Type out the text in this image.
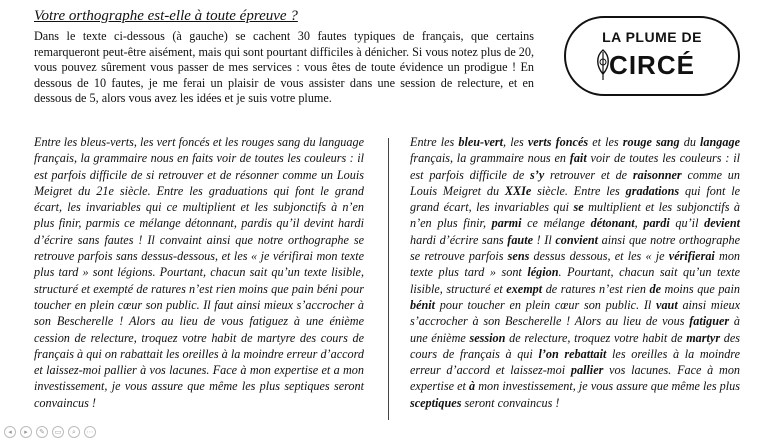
Votre orthographe est-elle à toute épreuve ?
Dans le texte ci-dessous (à gauche) se cachent 30 fautes typiques de français, que certains remarqueront peut-être aisément, mais qui sont pourtant difficiles à dénicher. Si vous notez plus de 20, vous pouvez sûrement vous passer de mes services : vous êtes de toute évidence un prodigue ! En dessous de 10 fautes, je me ferai un plaisir de vous assister dans une session de relecture, et en dessous de 5, alors vous avez les idées et je suis votre plume.
LA PLUME DE
CIRCÉ
Entre les bleus-verts, les vert foncés et les rouges sang du language français, la grammaire nous en faits voir de toutes les couleurs : il est parfois difficile de si retrouver et de résonner comme un Louis Meigret du 21e siècle. Entre les graduations qui font le grand écart, les invariables qui ce multiplient et les subjonctifs à n’en plus finir, parmis ce mélange détonnant, pardis qu’il devint hardi d’écrire sans fautes ! Il convaint ainsi que notre orthographe se retrouve parfois sans dessus-dessous, et les « je vérifirai mon texte plus tard » sont légions. Pourtant, chacun sait qu’un texte lisible, structuré et exempté de ratures n’est rien moins que pain béni pour toucher en plein cœur son public. Il faut ainsi mieux s’accrocher à son Bescherelle ! Alors au lieu de vous fatiguez à une énième cession de relecture, troquez votre habit de martyre des cours de français à qui on rabattait les oreilles à la moindre erreur d’accord et laissez-moi pallier à vos lacunes. Face à mon expertise et a mon investissement, je vous assure que même les plus septiques seront convaincus !
Entre les bleu-vert, les verts foncés et les rouge sang du langage français, la grammaire nous en fait voir de toutes les couleurs : il est parfois difficile de s’y retrouver et de raisonner comme un Louis Meigret du XXIe siècle. Entre les gradations qui font le grand écart, les invariables qui se multiplient et les subjonctifs à n’en plus finir, parmi ce mélange détonant, pardi qu’il devient hardi d’écrire sans faute ! Il convient ainsi que notre orthographe se retrouve parfois sens dessus dessous, et les « je vérifierai mon texte plus tard » sont légion. Pourtant, chacun sait qu’un texte lisible, structuré et exempt de ratures n’est rien de moins que pain bénit pour toucher en plein cœur son public. Il vaut ainsi mieux s’accrocher à son Bescherelle ! Alors au lieu de vous fatiguer à une énième session de relecture, troquez votre habit de martyr des cours de français à qui l’on rebattait les oreilles à la moindre erreur d’accord et laissez-moi pallier vos lacunes. Face à mon expertise et à mon investissement, je vous assure que même les plus sceptiques seront convaincus !
◂	▸	✎	▭	⌕	⋯
